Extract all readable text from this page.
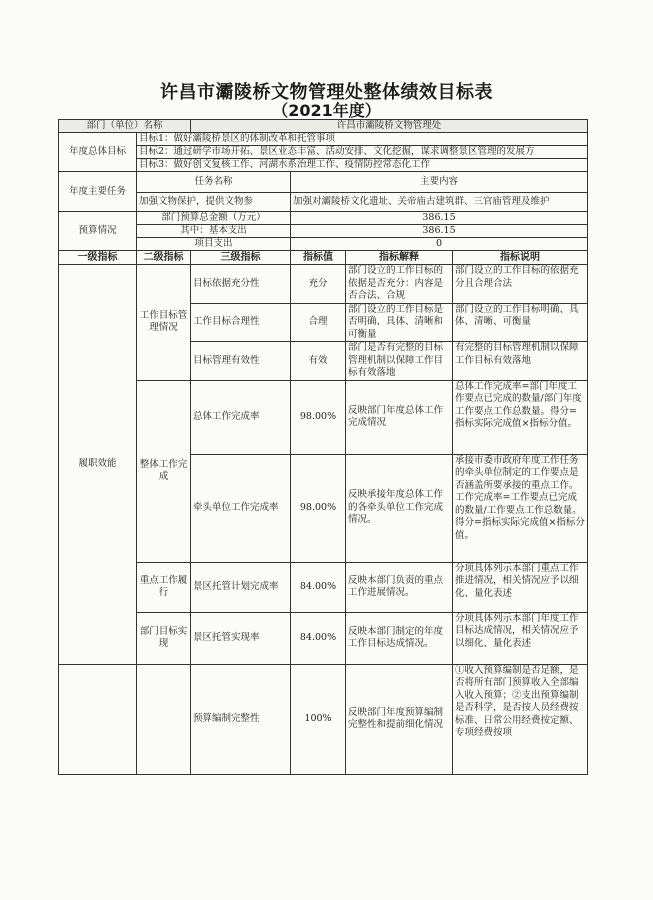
许昌市灞陵桥文物管理处整体绩效目标表
（2021年度）
部门（单位）名称		许昌市灞陵桥文物管理处			
年度总体目标	目标1：做好灞陵桥景区的体制改革和托管事项				
	目标2：通过研学市场开拓、景区业态丰富、活动安排、文化挖掘，谋求调整景区管理的发展方				
	目标3：做好创文复核工作、河湖水系治理工作、疫情防控常态化工作				
年度主要任务	任务名称		主要内容		
	加强文物保护，提供文物参		加强对灞陵桥文化遗址、关帝庙古建筑群、三官庙管理及维护		
预算情况	部门预算总金额（万元）		386.15		
	其中：基本支出		386.15		
	项目支出		0		
一级指标	二级指标	三级指标	指标值	指标解释	指标说明
履职效能	工作目标管理情况	目标依据充分性	充分	部门设立的工作目标的依据是否充分：内容是否合法、合规	部门设立的工作目标的依据充分且合理合法
		工作目标合理性	合理	部门设立的工作目标是否明确、具体、清晰和可衡量	部门设立的工作目标明确、具体、清晰、可衡量
		目标管理有效性	有效	部门是否有完整的目标管理机制以保障工作目标有效落地	有完整的目标管理机制以保障工作目标有效落地
	整体工作完成	总体工作完成率	98.00%	反映部门年度总体工作完成情况	总体工作完成率=部门年度工作要点已完成的数量/部门年度工作要点工作总数量。得分=指标实际完成值×指标分值。
		牵头单位工作完成率	98.00%	反映承接年度总体工作的各牵头单位工作完成情况。	承接市委市政府年度工作任务的牵头单位制定的工作要点是否涵盖所要承接的重点工作。工作完成率=工作要点已完成的数量/工作要点工作总数量。得分=指标实际完成值×指标分值。
	重点工作履行	景区托管计划完成率	84.00%	反映本部门负责的重点工作进展情况。	分项具体列示本部门重点工作推进情况，相关情况应予以细化、量化表述
	部门目标实现	景区托管实现率	84.00%	反映本部门制定的年度工作目标达成情况。	分项具体列示本部门年度工作目标达成情况，相关情况应予以细化、量化表述
		预算编制完整性	100%	反映部门年度预算编制完整性和提前细化情况	①收入预算编制是否足额，是否将所有部门预算收入全部编入收入预算；②支出预算编制是否科学，是否按人员经费按标准、日常公用经费按定额、专项经费按项
